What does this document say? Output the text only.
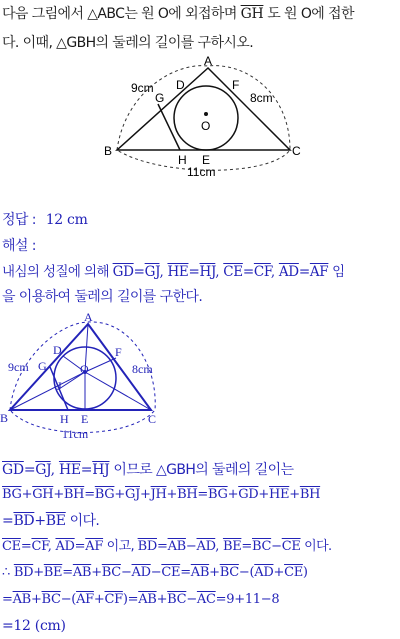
다음 그림에서 △ABC는 원 O에 외접하며 $\overline{GH}$ 도 원 O에 접한
다. 이때, △GBH의 둘레의 길이를 구하시오.
A
B	C
D	F
G
H E
O
9cm
8cm
11cm
정답 : 12 cm
해설 :
내심의 성질에 의해 $\overline{GD}=\overline{GJ}$, $\overline{HE}=\overline{HJ}$, $\overline{CE}=\overline{CF}$, $\overline{AD}=\overline{AF}$ 임
을 이용하여 둘레의 길이를 구한다.
A
B	C
D	F
G
J
O
H E
9cm	8cm
11cm
$\overline{GD}=\overline{GJ}$, $\overline{HE}=\overline{HJ}$ 이므로 △GBH의 둘레의 길이는
$\overline{BG}+\overline{GH}+\overline{BH}=\overline{BG}+\overline{GJ}+\overline{JH}+\overline{BH}=\overline{BG}+\overline{GD}+\overline{HE}+\overline{BH}$
$=\overline{BD}+\overline{BE}$ 이다.
$\overline{CE}=\overline{CF}$, $\overline{AD}=\overline{AF}$ 이고, $\overline{BD}=\overline{AB}-\overline{AD}$, $\overline{BE}=\overline{BC}-\overline{CE}$ 이다.
∴ $\overline{BD}+\overline{BE}=\overline{AB}+\overline{BC}-\overline{AD}-\overline{CE}=\overline{AB}+\overline{BC}-(\overline{AD}+\overline{CE})$
$=\overline{AB}+\overline{BC}-(\overline{AF}+\overline{CF})=\overline{AB}+\overline{BC}-\overline{AC}=9+11-8$
=12 (cm)
